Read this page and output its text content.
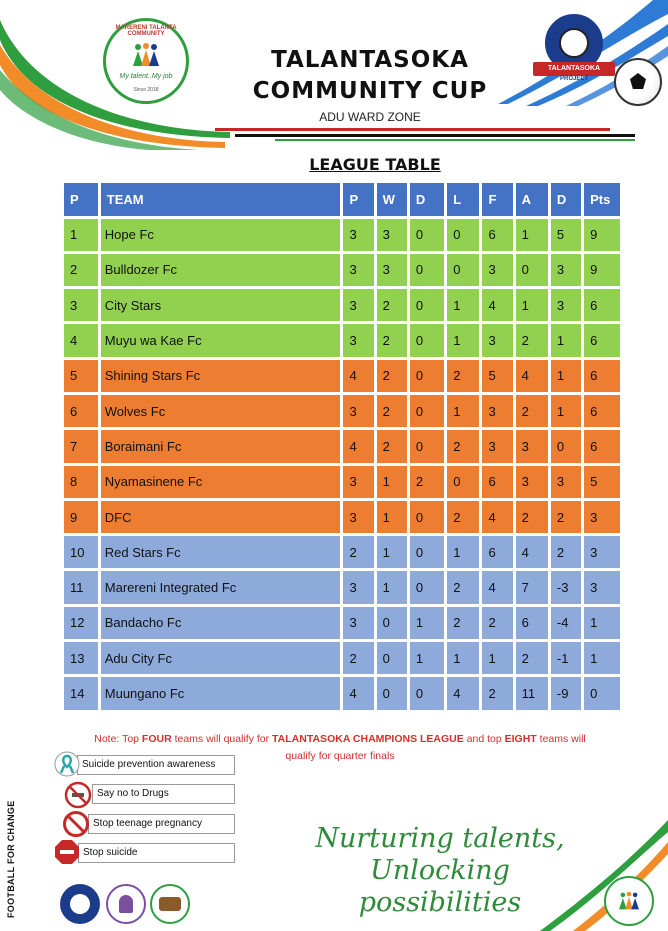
MARERENI TALANTA COMMUNITY
My talent..My job
Since 2018
TALANTASOKA
PROJECT
TALANTASOKA
COMMUNITY CUP
ADU WARD ZONE
LEAGUE TABLE
P	TEAM	P	W	D	L	F	A	D	Pts
1	Hope Fc	3	3	0	0	6	1	5	9
2	Bulldozer Fc	3	3	0	0	3	0	3	9
3	City Stars	3	2	0	1	4	1	3	6
4	Muyu wa Kae Fc	3	2	0	1	3	2	1	6
5	Shining Stars Fc	4	2	0	2	5	4	1	6
6	Wolves Fc	3	2	0	1	3	2	1	6
7	Boraimani Fc	4	2	0	2	3	3	0	6
8	Nyamasinene Fc	3	1	2	0	6	3	3	5
9	DFC	3	1	0	2	4	2	2	3
10	Red Stars Fc	2	1	0	1	6	4	2	3
11	Marereni Integrated Fc	3	1	0	2	4	7	-3	3
12	Bandacho Fc	3	0	1	2	2	6	-4	1
13	Adu City Fc	2	0	1	1	1	2	-1	1
14	Muungano Fc	4	0	0	4	2	11	-9	0
Note: Top FOUR teams will qualify for TALANTASOKA CHAMPIONS LEAGUE and top EIGHT teams will qualify for quarter finals
FOOTBALL FOR CHANGE
Suicide prevention awareness
Say no to Drugs
Stop teenage pregnancy
Stop suicide	Nurturing talents,
Unlocking possibilities
